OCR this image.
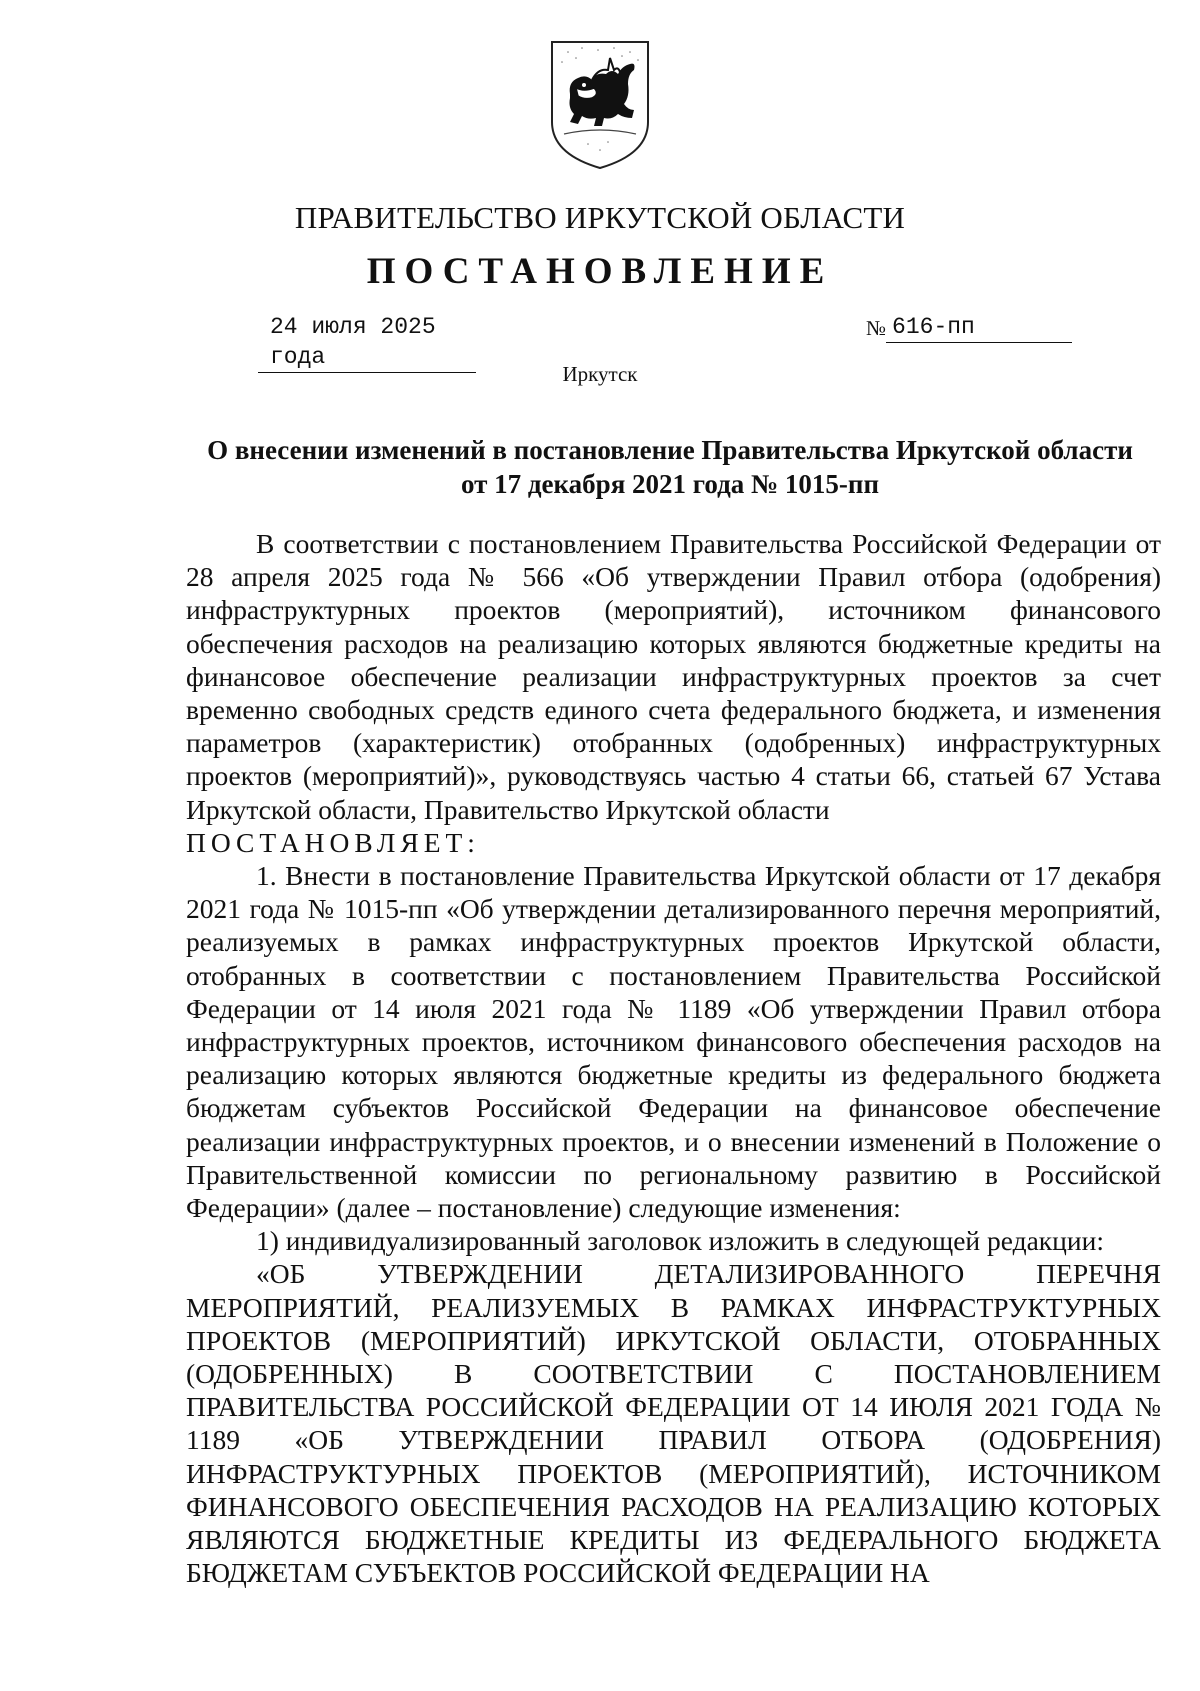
ПРАВИТЕЛЬСТВО ИРКУТСКОЙ ОБЛАСТИ
ПОСТАНОВЛЕНИЕ
24 июля 2025 года
№ 616-пп
Иркутск
О внесении изменений в постановление Правительства Иркутской области
от 17 декабря 2021 года № 1015-пп

В соответствии с постановлением Правительства Российской Федерации от 28 апреля 2025 года № 566 «Об утверждении Правил отбора (одобрения) инфраструктурных проектов (мероприятий), источником финансового обеспечения расходов на реализацию которых являются бюджетные кредиты на финансовое обеспечение реализации инфраструктурных проектов за счет временно свободных средств единого счета федерального бюджета, и изменения параметров (характеристик) отобранных (одобренных) инфраструктурных проектов (мероприятий)», руководствуясь частью 4 статьи 66, статьей 67 Устава Иркутской области, Правительство Иркутской области

ПОСТАНОВЛЯЕТ:

1. Внести в постановление Правительства Иркутской области от 17 декабря 2021 года № 1015-пп «Об утверждении детализированного перечня мероприятий, реализуемых в рамках инфраструктурных проектов Иркутской области, отобранных в соответствии с постановлением Правительства Российской Федерации от 14 июля 2021 года № 1189 «Об утверждении Правил отбора инфраструктурных проектов, источником финансового обеспечения расходов на реализацию которых являются бюджетные кредиты из федерального бюджета бюджетам субъектов Российской Федерации на финансовое обеспечение реализации инфраструктурных проектов, и о внесении изменений в Положение о Правительственной комиссии по региональному развитию в Российской Федерации» (далее – постановление) следующие изменения:

1) индивидуализированный заголовок изложить в следующей редакции:

«ОБ УТВЕРЖДЕНИИ ДЕТАЛИЗИРОВАННОГО ПЕРЕЧНЯ МЕРОПРИЯТИЙ, РЕАЛИЗУЕМЫХ В РАМКАХ ИНФРАСТРУКТУРНЫХ ПРОЕКТОВ (МЕРОПРИЯТИЙ) ИРКУТСКОЙ ОБЛАСТИ, ОТОБРАННЫХ (ОДОБРЕННЫХ) В СООТВЕТСТВИИ С ПОСТАНОВЛЕНИЕМ ПРАВИТЕЛЬСТВА РОССИЙСКОЙ ФЕДЕРАЦИИ ОТ 14 ИЮЛЯ 2021 ГОДА № 1189 «ОБ УТВЕРЖДЕНИИ ПРАВИЛ ОТБОРА (ОДОБРЕНИЯ) ИНФРАСТРУКТУРНЫХ ПРОЕКТОВ (МЕРОПРИЯТИЙ), ИСТОЧНИКОМ ФИНАНСОВОГО ОБЕСПЕЧЕНИЯ РАСХОДОВ НА РЕАЛИЗАЦИЮ КОТОРЫХ ЯВЛЯЮТСЯ БЮДЖЕТНЫЕ КРЕДИТЫ ИЗ ФЕДЕРАЛЬНОГО БЮДЖЕТА БЮДЖЕТАМ СУБЪЕКТОВ РОССИЙСКОЙ ФЕДЕРАЦИИ НА
